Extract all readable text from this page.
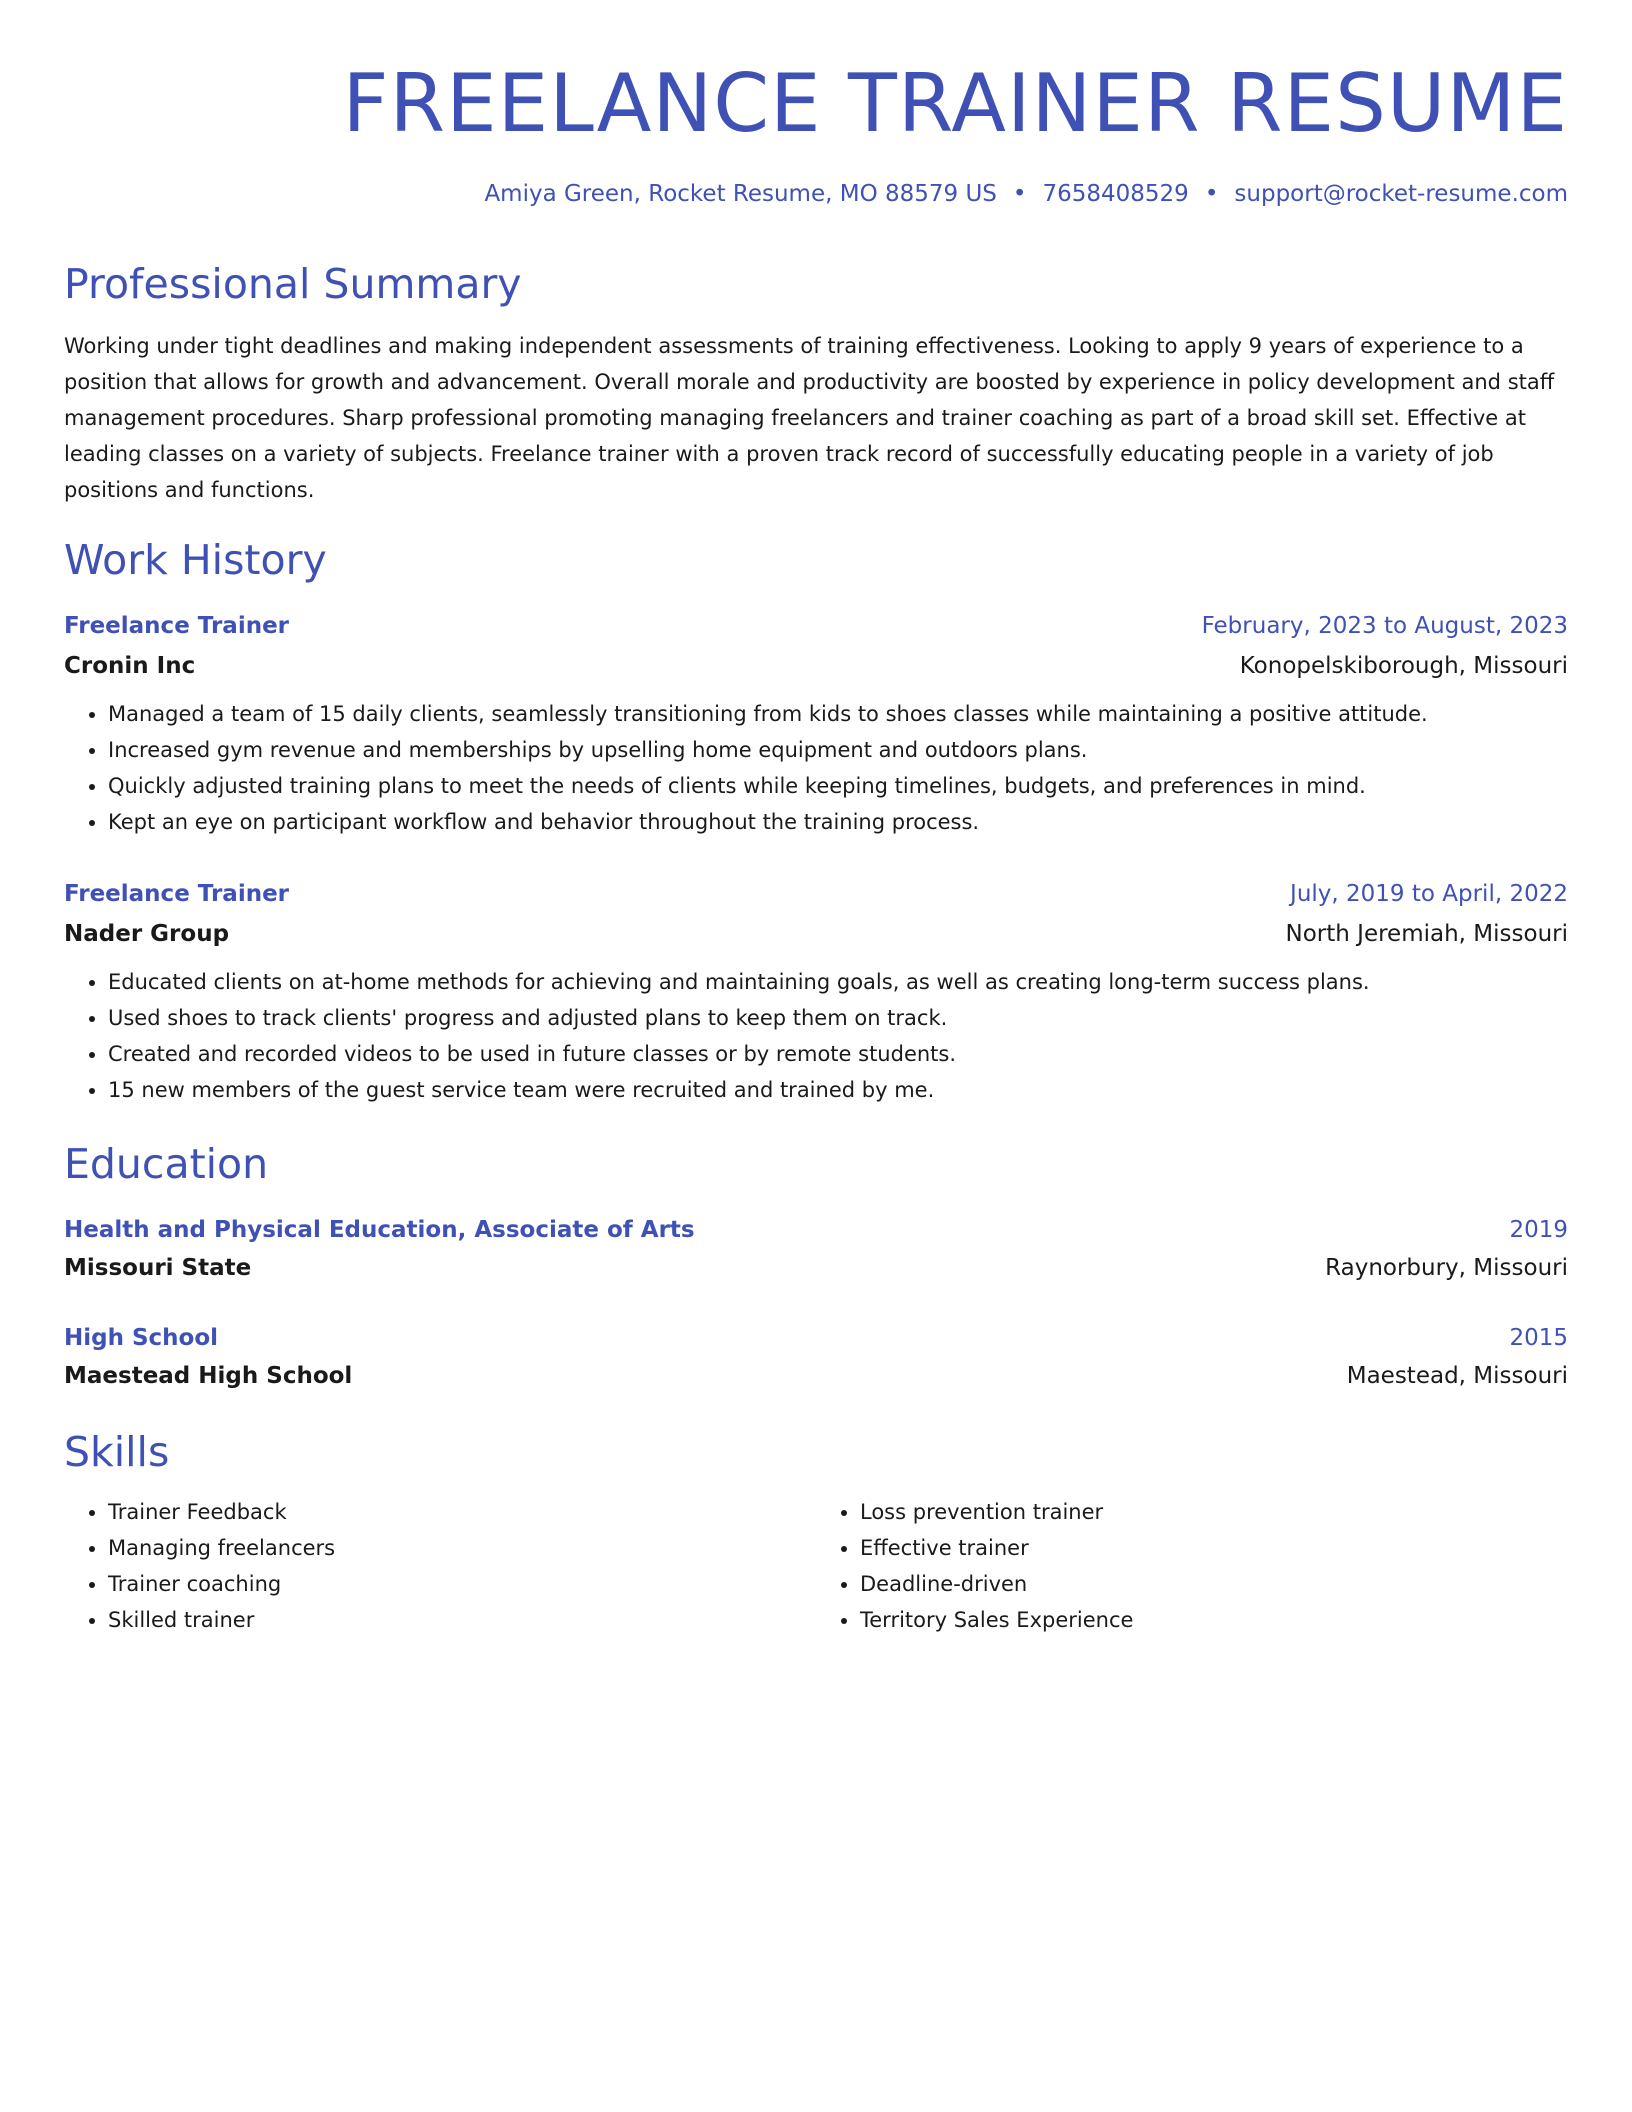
FREELANCE TRAINER RESUME
Amiya Green, Rocket Resume, MO 88579 US • 7658408529 • support@rocket-resume.com
Professional Summary

Working under tight deadlines and making independent assessments of training effectiveness. Looking to apply 9 years of experience to a position that allows for growth and advancement. Overall morale and productivity are boosted by experience in policy development and staff management procedures. Sharp professional promoting managing freelancers and trainer coaching as part of a broad skill set. Effective at leading classes on a variety of subjects. Freelance trainer with a proven track record of successfully educating people in a variety of job positions and functions.

Work History
Freelance Trainer	February, 2023 to August, 2023
Cronin Inc	Konopelskiborough, Missouri
• Managed a team of 15 daily clients, seamlessly transitioning from kids to shoes classes while maintaining a positive attitude.
• Increased gym revenue and memberships by upselling home equipment and outdoors plans.
• Quickly adjusted training plans to meet the needs of clients while keeping timelines, budgets, and preferences in mind.
• Kept an eye on participant workflow and behavior throughout the training process.
Freelance Trainer	July, 2019 to April, 2022
Nader Group	North Jeremiah, Missouri
• Educated clients on at-home methods for achieving and maintaining goals, as well as creating long-term success plans.
• Used shoes to track clients' progress and adjusted plans to keep them on track.
• Created and recorded videos to be used in future classes or by remote students.
• 15 new members of the guest service team were recruited and trained by me.
Education
Health and Physical Education, Associate of Arts	2019
Missouri State	Raynorbury, Missouri
High School	2015
Maestead High School	Maestead, Missouri
Skills
• Trainer Feedback
• Managing freelancers
• Trainer coaching
• Skilled trainer
• Loss prevention trainer
• Effective trainer
• Deadline-driven
• Territory Sales Experience
